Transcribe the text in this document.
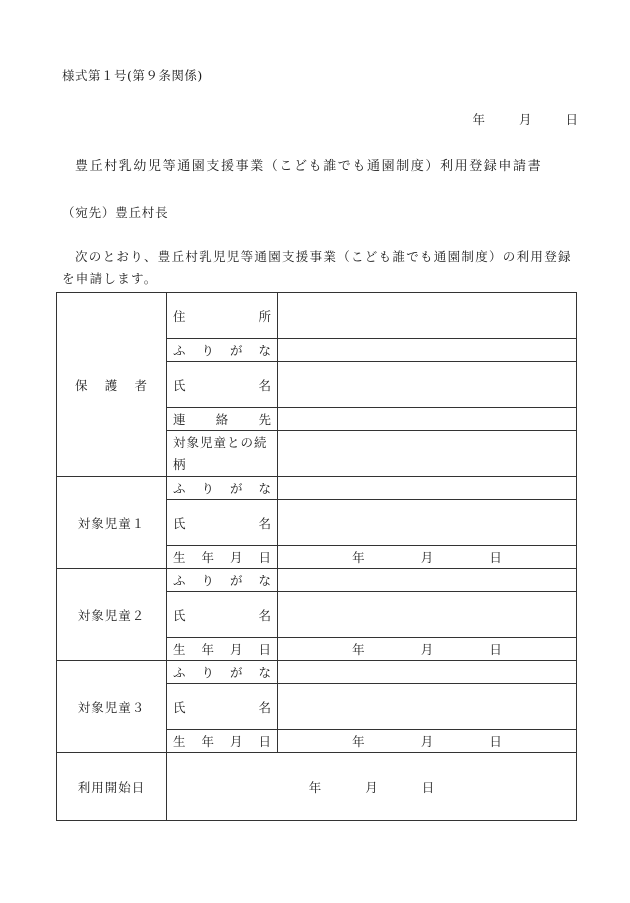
様式第１号(第９条関係)
年	月	日
豊丘村乳幼児等通園支援事業（こども誰でも通園制度）利用登録申請書
（宛先）豊丘村長
次のとおり、豊丘村乳児児等通園支援事業（こども誰でも通園制度）の利用登録を申請します。
保 護 者	住 所	

	ふ り が な	

	氏 名	

	連 絡 先	

	対象児童との続柄	
対象児童１	ふ り が な	

	氏 名	

	生 年 月 日	年 月 日

対象児童２	ふ り が な	

	氏 名	

	生 年 月 日	年 月 日

対象児童３	ふ り が な	

	氏 名	

	生 年 月 日	年 月 日

利用開始日	年 月 日	
